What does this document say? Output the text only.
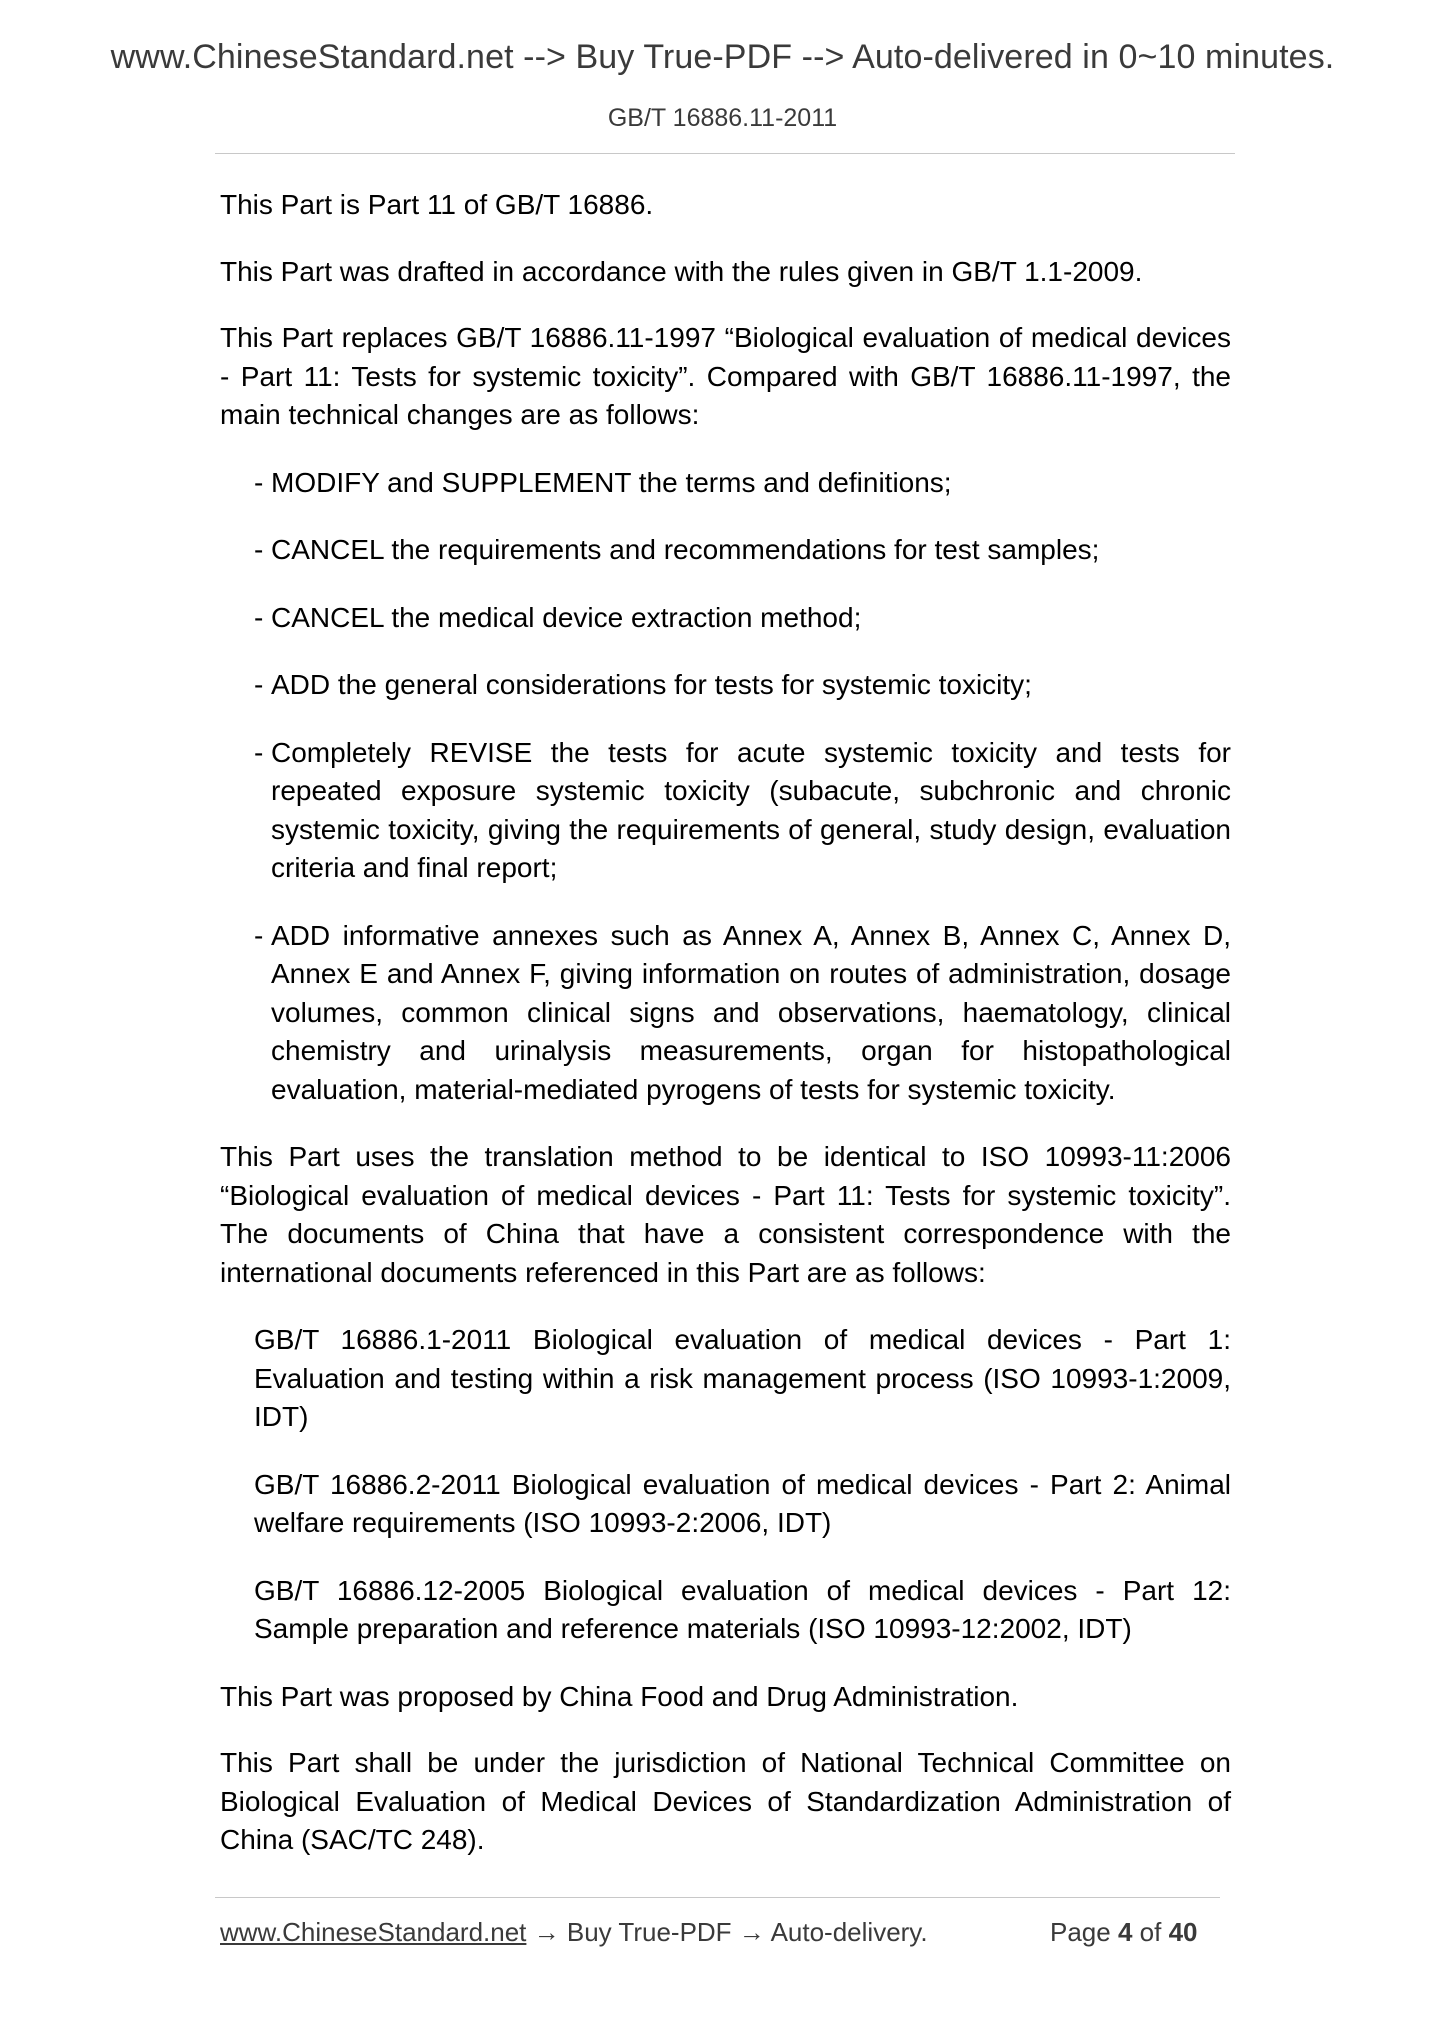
www.ChineseStandard.net --> Buy True-PDF --> Auto-delivered in 0~10 minutes.
GB/T 16886.11-2011

This Part is Part 11 of GB/T 16886.

This Part was drafted in accordance with the rules given in GB/T 1.1-2009.

This Part replaces GB/T 16886.11-1997 “Biological evaluation of medical devices - Part 11: Tests for systemic toxicity”. Compared with GB/T 16886.11-1997, the main technical changes are as follows:

- MODIFY and SUPPLEMENT the terms and definitions;
- CANCEL the requirements and recommendations for test samples;
- CANCEL the medical device extraction method;
- ADD the general considerations for tests for systemic toxicity;
- Completely REVISE the tests for acute systemic toxicity and tests for repeated exposure systemic toxicity (subacute, subchronic and chronic systemic toxicity, giving the requirements of general, study design, evaluation criteria and final report;
- ADD informative annexes such as Annex A, Annex B, Annex C, Annex D, Annex E and Annex F, giving information on routes of administration, dosage volumes, common clinical signs and observations, haematology, clinical chemistry and urinalysis measurements, organ for histopathological evaluation, material-mediated pyrogens of tests for systemic toxicity.

This Part uses the translation method to be identical to ISO 10993-11:2006 “Biological evaluation of medical devices - Part 11: Tests for systemic toxicity”. The documents of China that have a consistent correspondence with the international documents referenced in this Part are as follows:

GB/T 16886.1-2011 Biological evaluation of medical devices - Part 1: Evaluation and testing within a risk management process (ISO 10993-1:2009, IDT)

GB/T 16886.2-2011 Biological evaluation of medical devices - Part 2: Animal welfare requirements (ISO 10993-2:2006, IDT)

GB/T 16886.12-2005 Biological evaluation of medical devices - Part 12: Sample preparation and reference materials (ISO 10993-12:2002, IDT)

This Part was proposed by China Food and Drug Administration.

This Part shall be under the jurisdiction of National Technical Committee on Biological Evaluation of Medical Devices of Standardization Administration of China (SAC/TC 248).

www.ChineseStandard.net → Buy True-PDF → Auto-delivery.	Page 4 of 40
